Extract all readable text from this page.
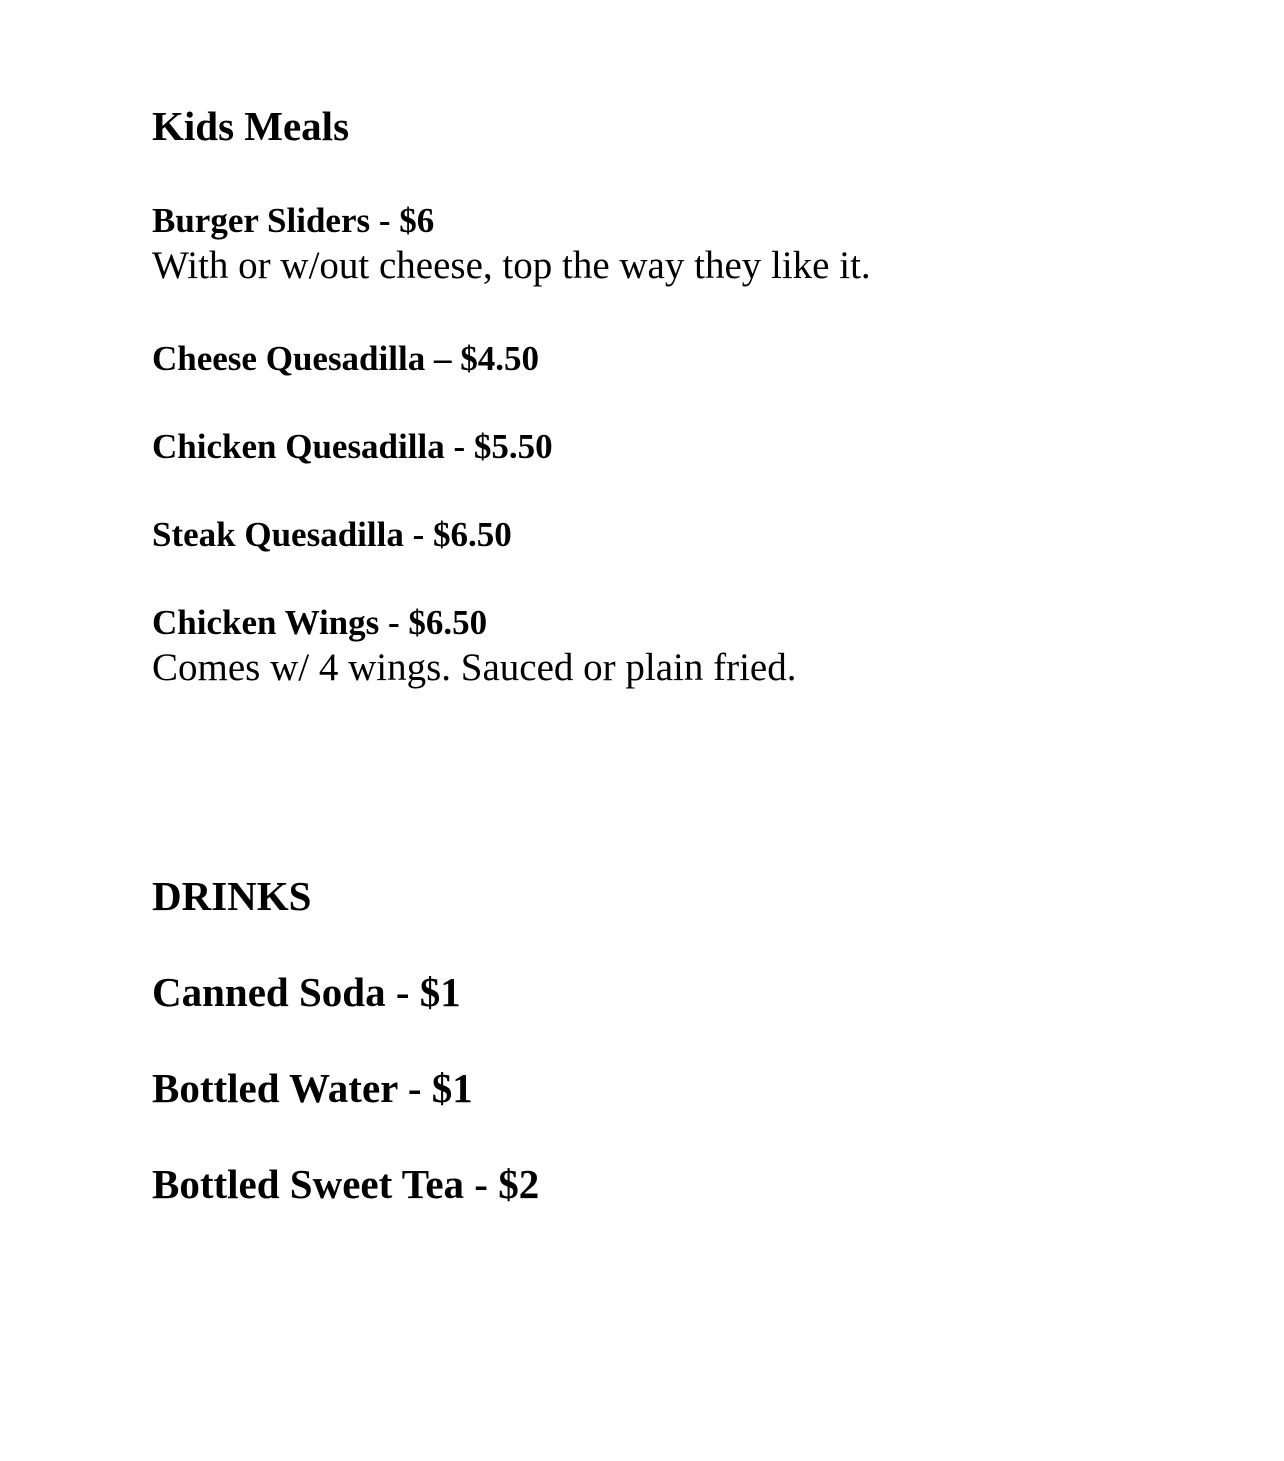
Kids Meals
Burger Sliders - $6
With or w/out cheese, top the way they like it.
Cheese Quesadilla – $4.50
Chicken Quesadilla - $5.50
Steak Quesadilla - $6.50
Chicken Wings - $6.50
Comes w/ 4 wings. Sauced or plain fried.
DRINKS
Canned Soda - $1
Bottled Water - $1
Bottled Sweet Tea - $2
